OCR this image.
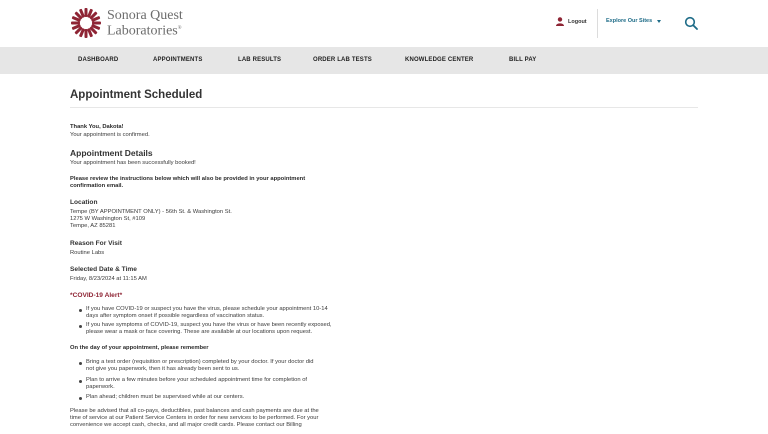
Sonora Quest
Laboratories®
Logout	Explore Our Sites
DASHBOARD	APPOINTMENTS	LAB RESULTS	ORDER LAB TESTS	KNOWLEDGE CENTER	BILL PAY
Appointment Scheduled
Thank You, Dakota!
Your appointment is confirmed.
Appointment Details
Your appointment has been successfully booked!
Please review the instructions below which will also be provided in your appointment
confirmation email.
Location
Tempe (BY APPOINTMENT ONLY) - 56th St. & Washington St.
1275 W Washington St, #109
Tempe, AZ 85281
Reason For Visit
Routine Labs
Selected Date & Time
Friday, 8/23/2024 at 11:15 AM
*COVID-19 Alert*
If you have COVID-19 or suspect you have the virus, please schedule your appointment 10-14
days after symptom onset if possible regardless of vaccination status.
If you have symptoms of COVID-19, suspect you have the virus or have been recently exposed,
please wear a mask or face covering. These are available at our locations upon request.
On the day of your appointment, please remember
Bring a test order (requisition or prescription) completed by your doctor. If your doctor did
not give you paperwork, then it has already been sent to us.
Plan to arrive a few minutes before your scheduled appointment time for completion of
paperwork.
Plan ahead; children must be supervised while at our centers.
Please be advised that all co-pays, deductibles, past balances and cash payments are due at the
time of service at our Patient Service Centers in order for new services to be performed. For your
convenience we accept cash, checks, and all major credit cards. Please contact our Billing
